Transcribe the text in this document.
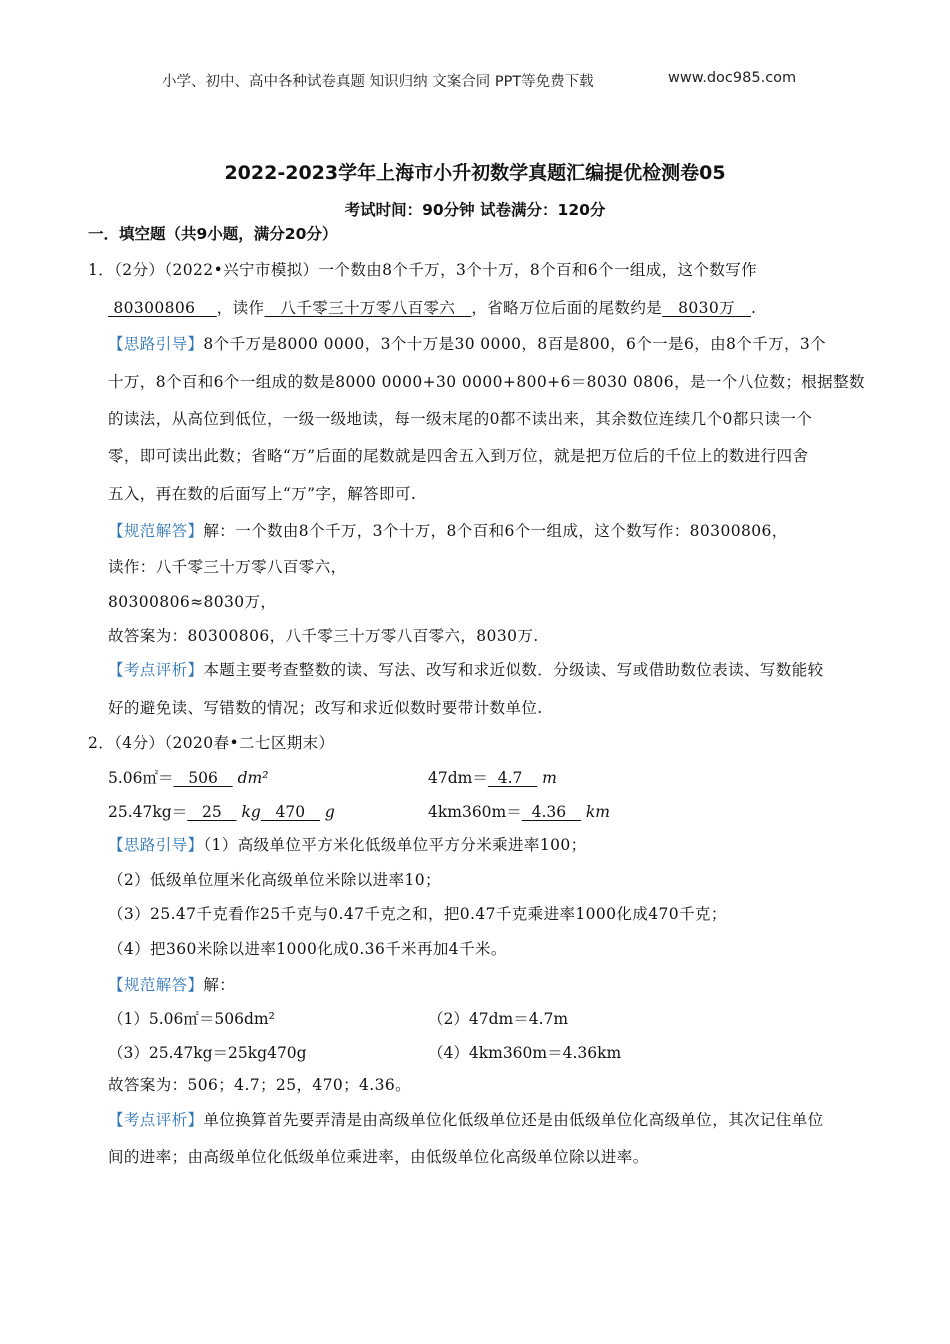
小学、初中、高中各种试卷真题 知识归纳 文案合同 PPT等免费下载	www.doc985.com
2022-2023学年上海市小升初数学真题汇编提优检测卷05
考试时间：90分钟 试卷满分：120分
一．填空题（共9小题，满分20分）
1．（2分）（2022•兴宁市模拟）一个数由8个千万，3个十万，8个百和6个一组成，这个数写作
80300806 ，读作 八千零三十万零八百零六 ，省略万位后面的尾数约是 8030万 .
【思路引导】8个千万是8000 0000，3个十万是30 0000，8百是800，6个一是6，由8个千万，3个
十万，8个百和6个一组成的数是8000 0000+30 0000+800+6＝8030 0806，是一个八位数；根据整数
的读法，从高位到低位，一级一级地读，每一级末尾的0都不读出来，其余数位连续几个0都只读一个
零，即可读出此数；省略“万”后面的尾数就是四舍五入到万位，就是把万位后的千位上的数进行四舍
五入，再在数的后面写上“万”字，解答即可.
【规范解答】解：一个数由8个千万，3个十万，8个百和6个一组成，这个数写作：80300806，
读作：八千零三十万零八百零六，
80300806≈8030万，
故答案为：80300806，八千零三十万零八百零六，8030万.
【考点评析】本题主要考查整数的读、写法、改写和求近似数．分级读、写或借助数位表读、写数能较
好的避免读、写错数的情况；改写和求近似数时要带计数单位.
2．（4分）（2020春•二七区期末）
5.06㎡＝ 506 dm²	47dm＝ 4.7 m
25.47kg＝ 25 kg 470 g	4km360m＝ 4.36 km
【思路引导】（1）高级单位平方米化低级单位平方分米乘进率100；
（2）低级单位厘米化高级单位米除以进率10；
（3）25.47千克看作25千克与0.47千克之和，把0.47千克乘进率1000化成470千克；
（4）把360米除以进率1000化成0.36千米再加4千米。
【规范解答】解：
（1）5.06㎡＝506dm²	（2）47dm＝4.7m
（3）25.47kg＝25kg470g	（4）4km360m＝4.36km
故答案为：506；4.7；25，470；4.36。
【考点评析】单位换算首先要弄清是由高级单位化低级单位还是由低级单位化高级单位，其次记住单位
间的进率；由高级单位化低级单位乘进率，由低级单位化高级单位除以进率。
